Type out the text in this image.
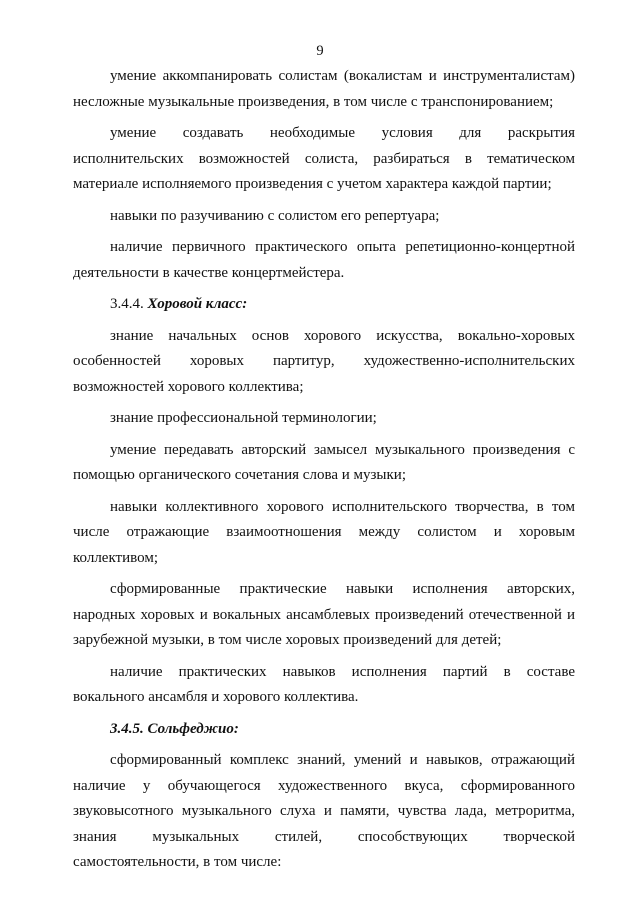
9

умение аккомпанировать солистам (вокалистам и инструменталистам) несложные музыкальные произведения, в том числе с транспонированием;

умение создавать необходимые условия для раскрытия исполнительских возможностей солиста, разбираться в тематическом материале исполняемого произведения с учетом характера каждой партии;

навыки по разучиванию с солистом его репертуара;

наличие первичного практического опыта репетиционно-концертной деятельности в качестве концертмейстера.

3.4.4. Хоровой класс:

знание начальных основ хорового искусства, вокально-хоровых особенностей хоровых партитур, художественно-исполнительских возможностей хорового коллектива;

знание профессиональной терминологии;

умение передавать авторский замысел музыкального произведения с помощью органического сочетания слова и музыки;

навыки коллективного хорового исполнительского творчества, в том числе отражающие взаимоотношения между солистом и хоровым коллективом;

сформированные практические навыки исполнения авторских, народных хоровых и вокальных ансамблевых произведений отечественной и зарубежной музыки, в том числе хоровых произведений для детей;

наличие практических навыков исполнения партий в составе вокального ансамбля и хорового коллектива.

3.4.5. Сольфеджио:

сформированный комплекс знаний, умений и навыков, отражающий наличие у обучающегося художественного вкуса, сформированного звуковысотного музыкального слуха и памяти, чувства лада, метроритма, знания музыкальных стилей, способствующих творческой самостоятельности, в том числе:
